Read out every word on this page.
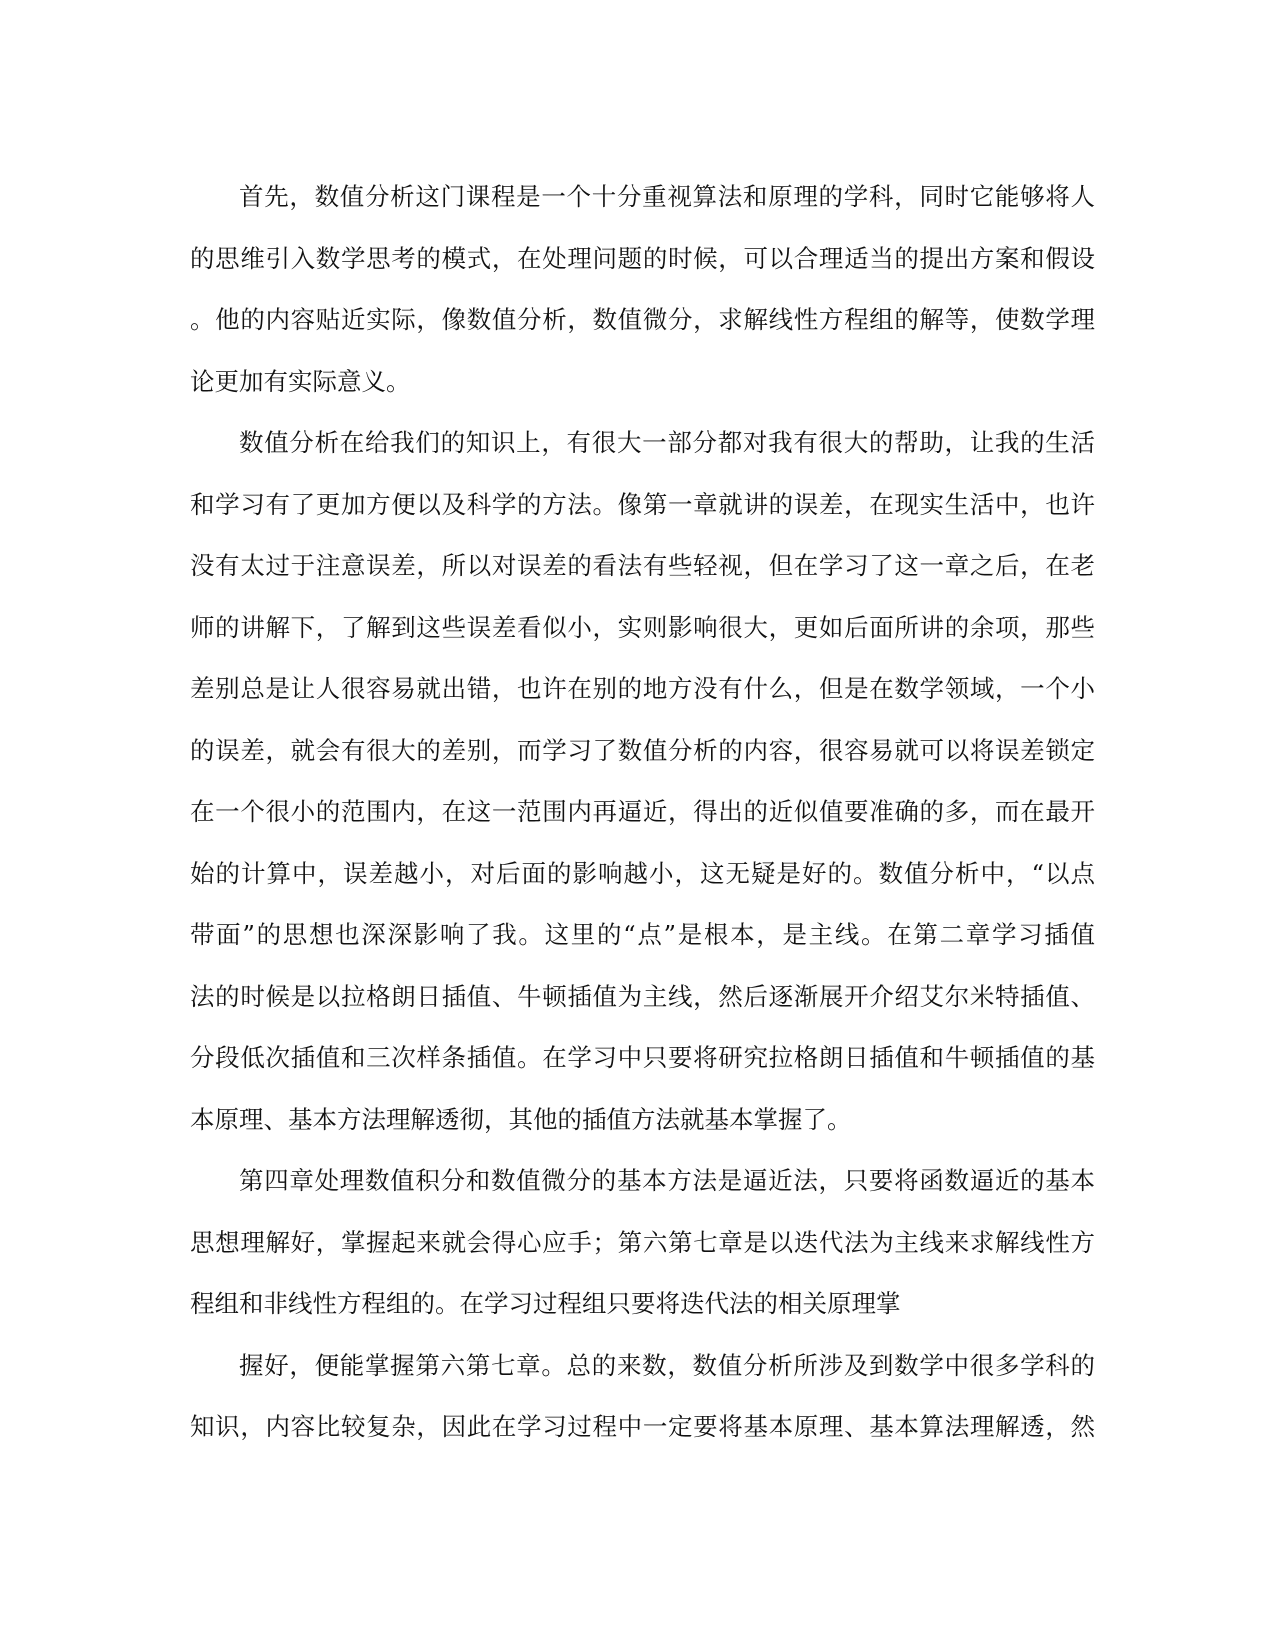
首先，数值分析这门课程是一个十分重视算法和原理的学科，同时它能够将人
的思维引入数学思考的模式，在处理问题的时候，可以合理适当的提出方案和假设
。他的内容贴近实际，像数值分析，数值微分，求解线性方程组的解等，使数学理
论更加有实际意义。
数值分析在给我们的知识上，有很大一部分都对我有很大的帮助，让我的生活
和学习有了更加方便以及科学的方法。像第一章就讲的误差，在现实生活中，也许
没有太过于注意误差，所以对误差的看法有些轻视，但在学习了这一章之后，在老
师的讲解下，了解到这些误差看似小，实则影响很大，更如后面所讲的余项，那些
差别总是让人很容易就出错，也许在别的地方没有什么，但是在数学领域，一个小
的误差，就会有很大的差别，而学习了数值分析的内容，很容易就可以将误差锁定
在一个很小的范围内，在这一范围内再逼近，得出的近似值要准确的多，而在最开
始的计算中，误差越小，对后面的影响越小，这无疑是好的。数值分析中，“以点
带面”的思想也深深影响了我。这里的“点”是根本，是主线。在第二章学习插值
法的时候是以拉格朗日插值、牛顿插值为主线，然后逐渐展开介绍艾尔米特插值、
分段低次插值和三次样条插值。在学习中只要将研究拉格朗日插值和牛顿插值的基
本原理、基本方法理解透彻，其他的插值方法就基本掌握了。
第四章处理数值积分和数值微分的基本方法是逼近法，只要将函数逼近的基本
思想理解好，掌握起来就会得心应手；第六第七章是以迭代法为主线来求解线性方
程组和非线性方程组的。在学习过程组只要将迭代法的相关原理掌
握好，便能掌握第六第七章。总的来数，数值分析所涉及到数学中很多学科的
知识，内容比较复杂，因此在学习过程中一定要将基本原理、基本算法理解透，然
